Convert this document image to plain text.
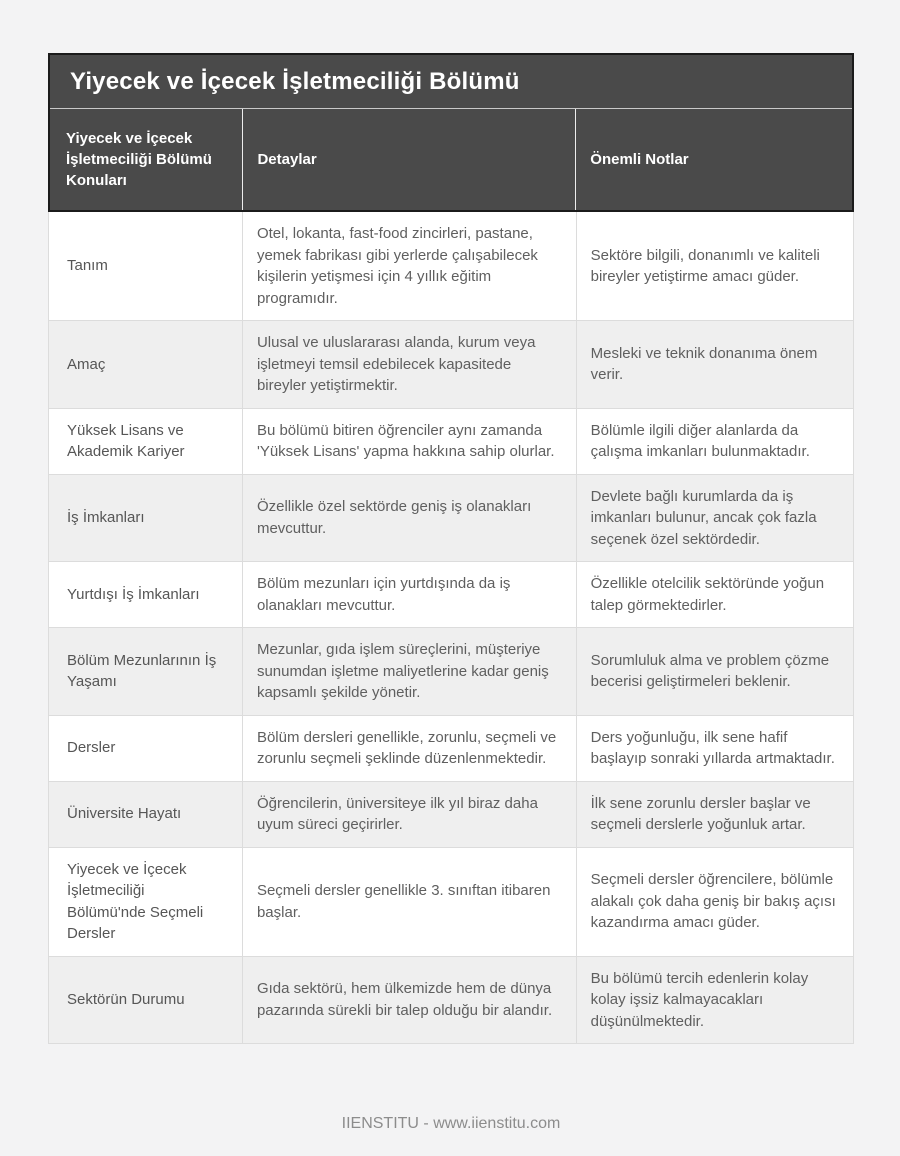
Yiyecek ve İçecek İşletmeciliği Bölümü
Yiyecek ve İçecek İşletmeciliği Bölümü Konuları
Detaylar	Önemli Notlar
Tanım
Otel, lokanta, fast-food zincirleri, pastane, yemek fabrikası gibi yerlerde çalışabilecek kişilerin yetişmesi için 4 yıllık eğitim programıdır.
Sektöre bilgili, donanımlı ve kaliteli bireyler yetiştirme amacı güder.
Amaç
Ulusal ve uluslararası alanda, kurum veya işletmeyi temsil edebilecek kapasitede bireyler yetiştirmektir.
Mesleki ve teknik donanıma önem verir.
Yüksek Lisans ve Akademik Kariyer
Bu bölümü bitiren öğrenciler aynı zamanda 'Yüksek Lisans' yapma hakkına sahip olurlar.
Bölümle ilgili diğer alanlarda da çalışma imkanları bulunmaktadır.
İş İmkanları
Özellikle özel sektörde geniş iş olanakları mevcuttur.
Devlete bağlı kurumlarda da iş imkanları bulunur, ancak çok fazla seçenek özel sektördedir.
Yurtdışı İş İmkanları
Bölüm mezunları için yurtdışında da iş olanakları mevcuttur.
Özellikle otelcilik sektöründe yoğun talep görmektedirler.
Bölüm Mezunlarının İş Yaşamı
Mezunlar, gıda işlem süreçlerini, müşteriye sunumdan işletme maliyetlerine kadar geniş kapsamlı şekilde yönetir.
Sorumluluk alma ve problem çözme becerisi geliştirmeleri beklenir.
Dersler
Bölüm dersleri genellikle, zorunlu, seçmeli ve zorunlu seçmeli şeklinde düzenlenmektedir.
Ders yoğunluğu, ilk sene hafif başlayıp sonraki yıllarda artmaktadır.
Üniversite Hayatı
Öğrencilerin, üniversiteye ilk yıl biraz daha uyum süreci geçirirler.
İlk sene zorunlu dersler başlar ve seçmeli derslerle yoğunluk artar.
Yiyecek ve İçecek İşletmeciliği Bölümü'nde Seçmeli Dersler
Seçmeli dersler genellikle 3. sınıftan itibaren başlar.
Seçmeli dersler öğrencilere, bölümle alakalı çok daha geniş bir bakış açısı kazandırma amacı güder.
Sektörün Durumu
Gıda sektörü, hem ülkemizde hem de dünya pazarında sürekli bir talep olduğu bir alandır.
Bu bölümü tercih edenlerin kolay kolay işsiz kalmayacakları düşünülmektedir.
IIENSTITU - www.iienstitu.com
